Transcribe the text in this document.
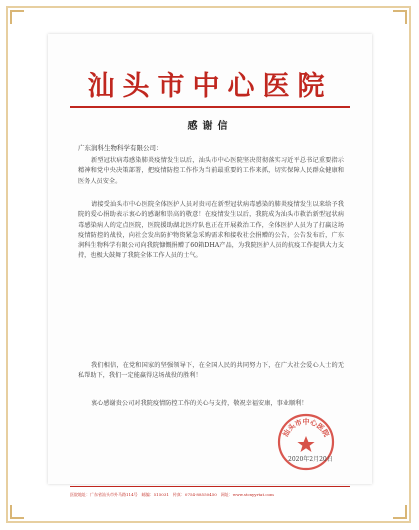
汕头市中心医院
感谢信
广东润科生物科学有限公司：

新型冠状病毒感染肺炎疫情发生以后，汕头市中心医院坚决贯彻落实习近平总书记重要指示精神和党中央决策部署，把疫情防控工作作为当前最重要的工作来抓，切实保障人民群众健康和医务人员安全。

请接受汕头市中心医院全体医护人员对贵司在新型冠状病毒感染的肺炎疫情发生以来给予我院的爱心捐助表示衷心的感谢和崇高的敬意！在疫情发生以后，我院成为汕头市救治新型冠状病毒感染病人的定点医院，医院援助湖北医疗队也正在开展救治工作，全体医护人员为了打赢这场疫情防控的战役，向社会发出防护物资紧急采购需求和接收社会捐赠的公告，公告发布后，广东润科生物科学有限公司向我院慷慨捐赠了60箱DHA产品，为我院医护人员的抗疫工作提供大力支持，也极大鼓舞了我院全体工作人员的士气。

我们相信，在党和国家的坚强领导下，在全国人民的共同努力下，在广大社会爱心人士的无私帮助下，我们一定能赢得这场战役的胜利！

衷心感谢贵公司对我院疫情防控工作的关心与支持，敬祝幸福安康，事业顺利！

汕头市中心医院
2020年2月20日
医院地址：广东省汕头市外马路114号　邮编：515031　传真：0754-88550450　网址：www.stcxyyrtat.com
